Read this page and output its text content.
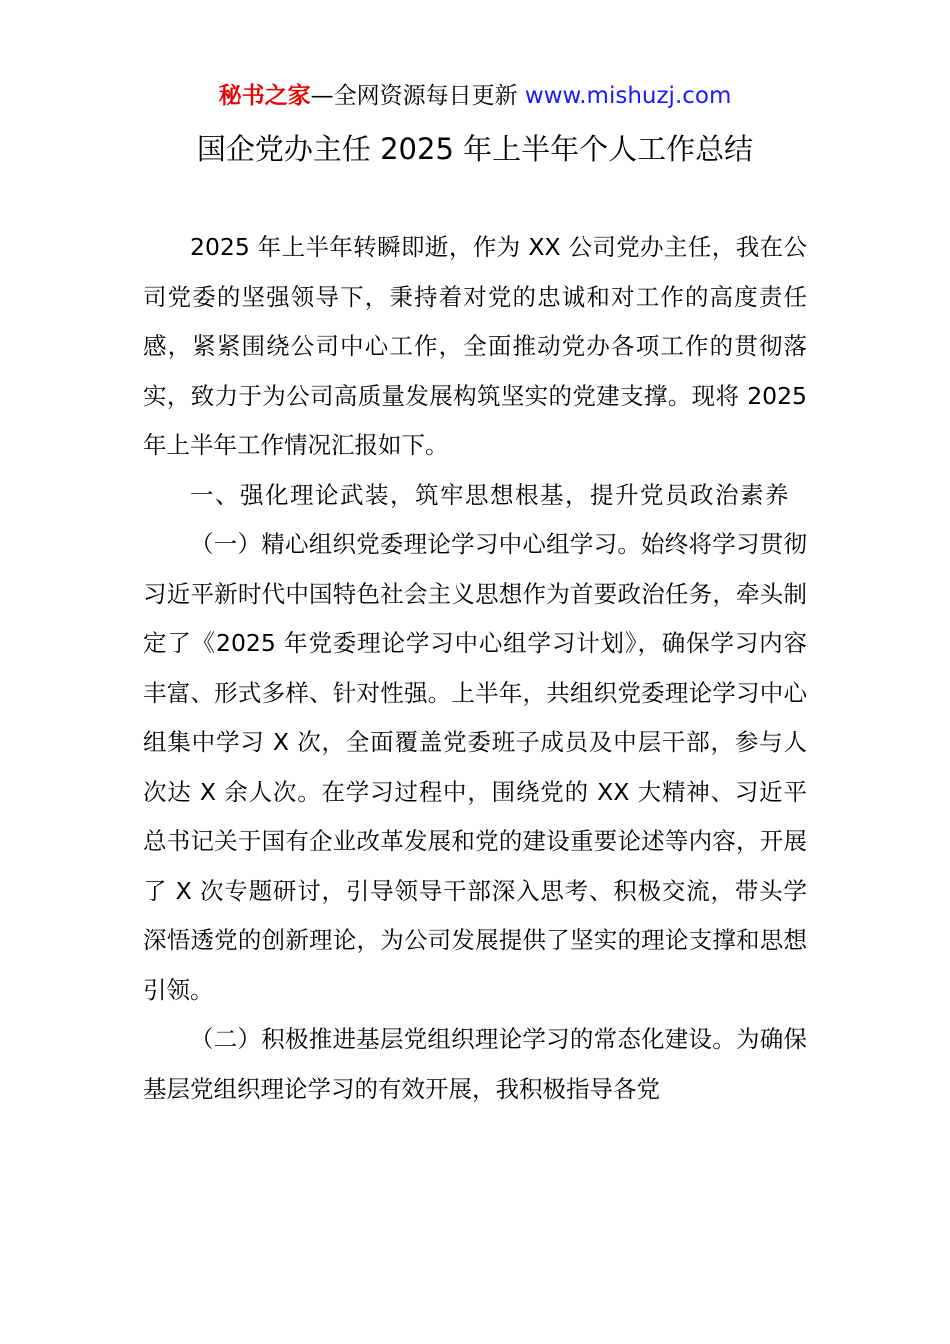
秘书之家—全网资源每日更新 www.mishuzj.com
国企党办主任 2025 年上半年个人工作总结

2025 年上半年转瞬即逝，作为 XX 公司党办主任，我在公司党委的坚强领导下，秉持着对党的忠诚和对工作的高度责任感，紧紧围绕公司中心工作，全面推动党办各项工作的贯彻落实，致力于为公司高质量发展构筑坚实的党建支撑。现将 2025 年上半年工作情况汇报如下。

一、强化理论武装，筑牢思想根基，提升党员政治素养

（一）精心组织党委理论学习中心组学习。始终将学习贯彻习近平新时代中国特色社会主义思想作为首要政治任务，牵头制定了《2025 年党委理论学习中心组学习计划》，确保学习内容丰富、形式多样、针对性强。上半年，共组织党委理论学习中心组集中学习 X 次，全面覆盖党委班子成员及中层干部，参与人次达 X 余人次。在学习过程中，围绕党的 XX 大精神、习近平总书记关于国有企业改革发展和党的建设重要论述等内容，开展了 X 次专题研讨，引导领导干部深入思考、积极交流，带头学深悟透党的创新理论，为公司发展提供了坚实的理论支撑和思想引领。

（二）积极推进基层党组织理论学习的常态化建设。为确保基层党组织理论学习的有效开展，我积极指导各党
